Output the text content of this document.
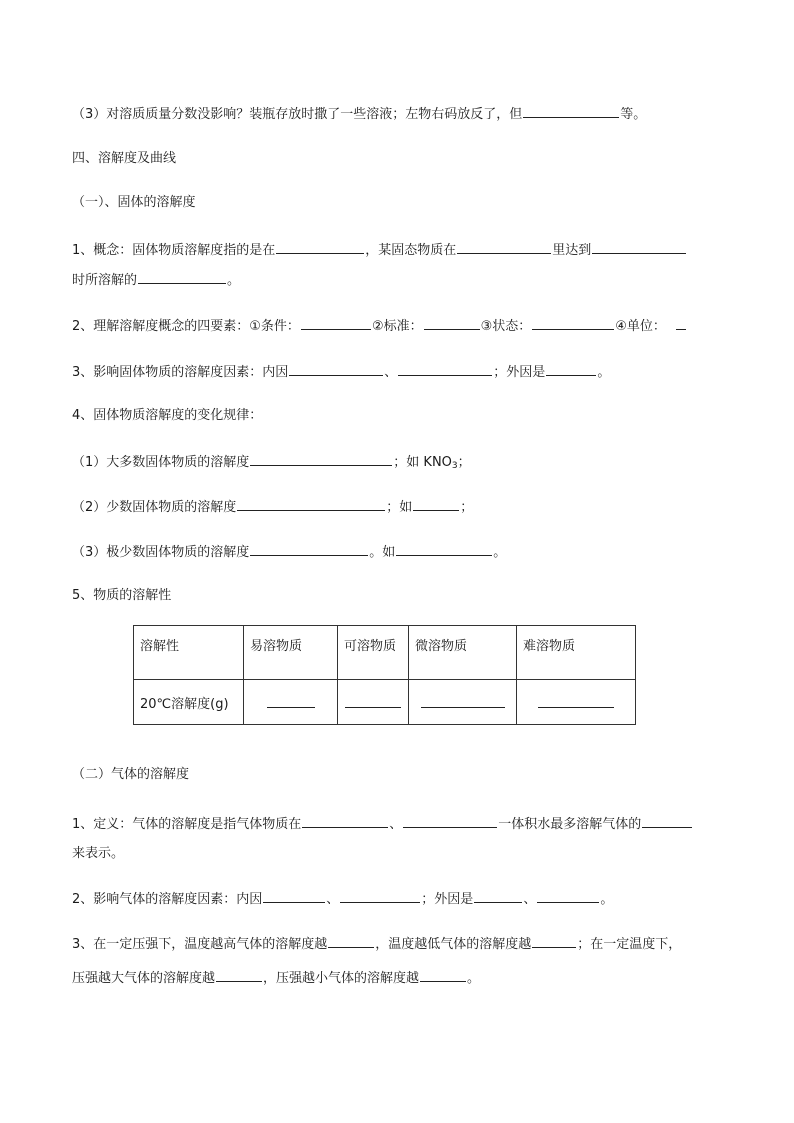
（3）对溶质质量分数没影响？装瓶存放时撒了一些溶液；左物右码放反了，但	等。
四、溶解度及曲线
（一）、固体的溶解度
1、概念：固体物质溶解度指的是在	，某固态物质在	里达到
时所溶解的	。
2、理解溶解度概念的四要素：①条件：	②标准：	③状态：	④单位：
3、影响固体物质的溶解度因素：内因	、	；外因是	。
4、固体物质溶解度的变化规律：
（1）大多数固体物质的溶解度	；如 $KNO_3$；
（2）少数固体物质的溶解度	；如	；
（3）极少数固体物质的溶解度	。如	。
5、物质的溶解性
溶解性	易溶物质	可溶物质	微溶物质	难溶物质
20℃溶解度(g)	

（二）气体的溶解度
1、定义：气体的溶解度是指气体物质在	、	一体积水最多溶解气体的
来表示。
2、影响气体的溶解度因素：内因	、	；外因是	、	。
3、在一定压强下，温度越高气体的溶解度越	，温度越低气体的溶解度越	；在一定温度下，
压强越大气体的溶解度越	，压强越小气体的溶解度越	。
